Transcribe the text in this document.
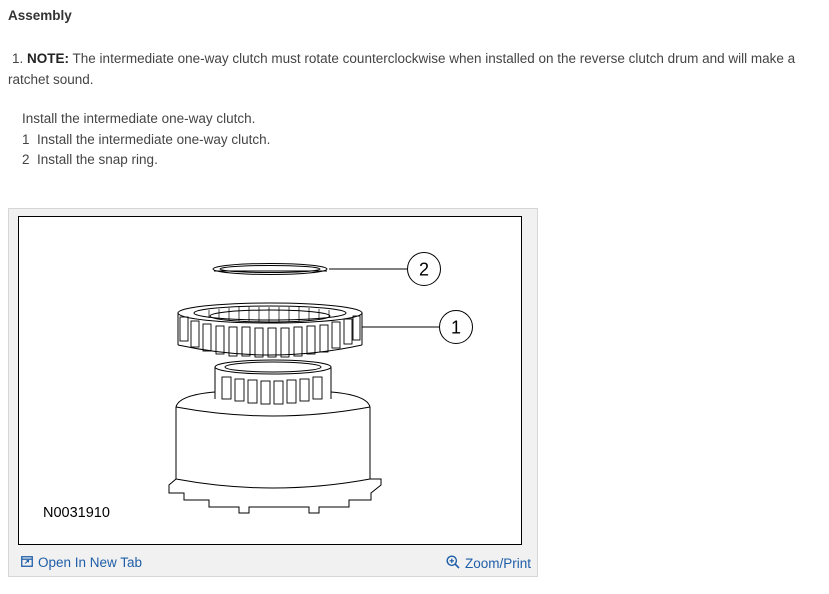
Assembly
1. NOTE: The intermediate one-way clutch must rotate counterclockwise when installed on the reverse clutch drum and will make a ratchet sound.
Install the intermediate one-way clutch.
1 Install the intermediate one-way clutch.
2 Install the snap ring.
2
1
N0031910
Open In New Tab	Zoom/Print
